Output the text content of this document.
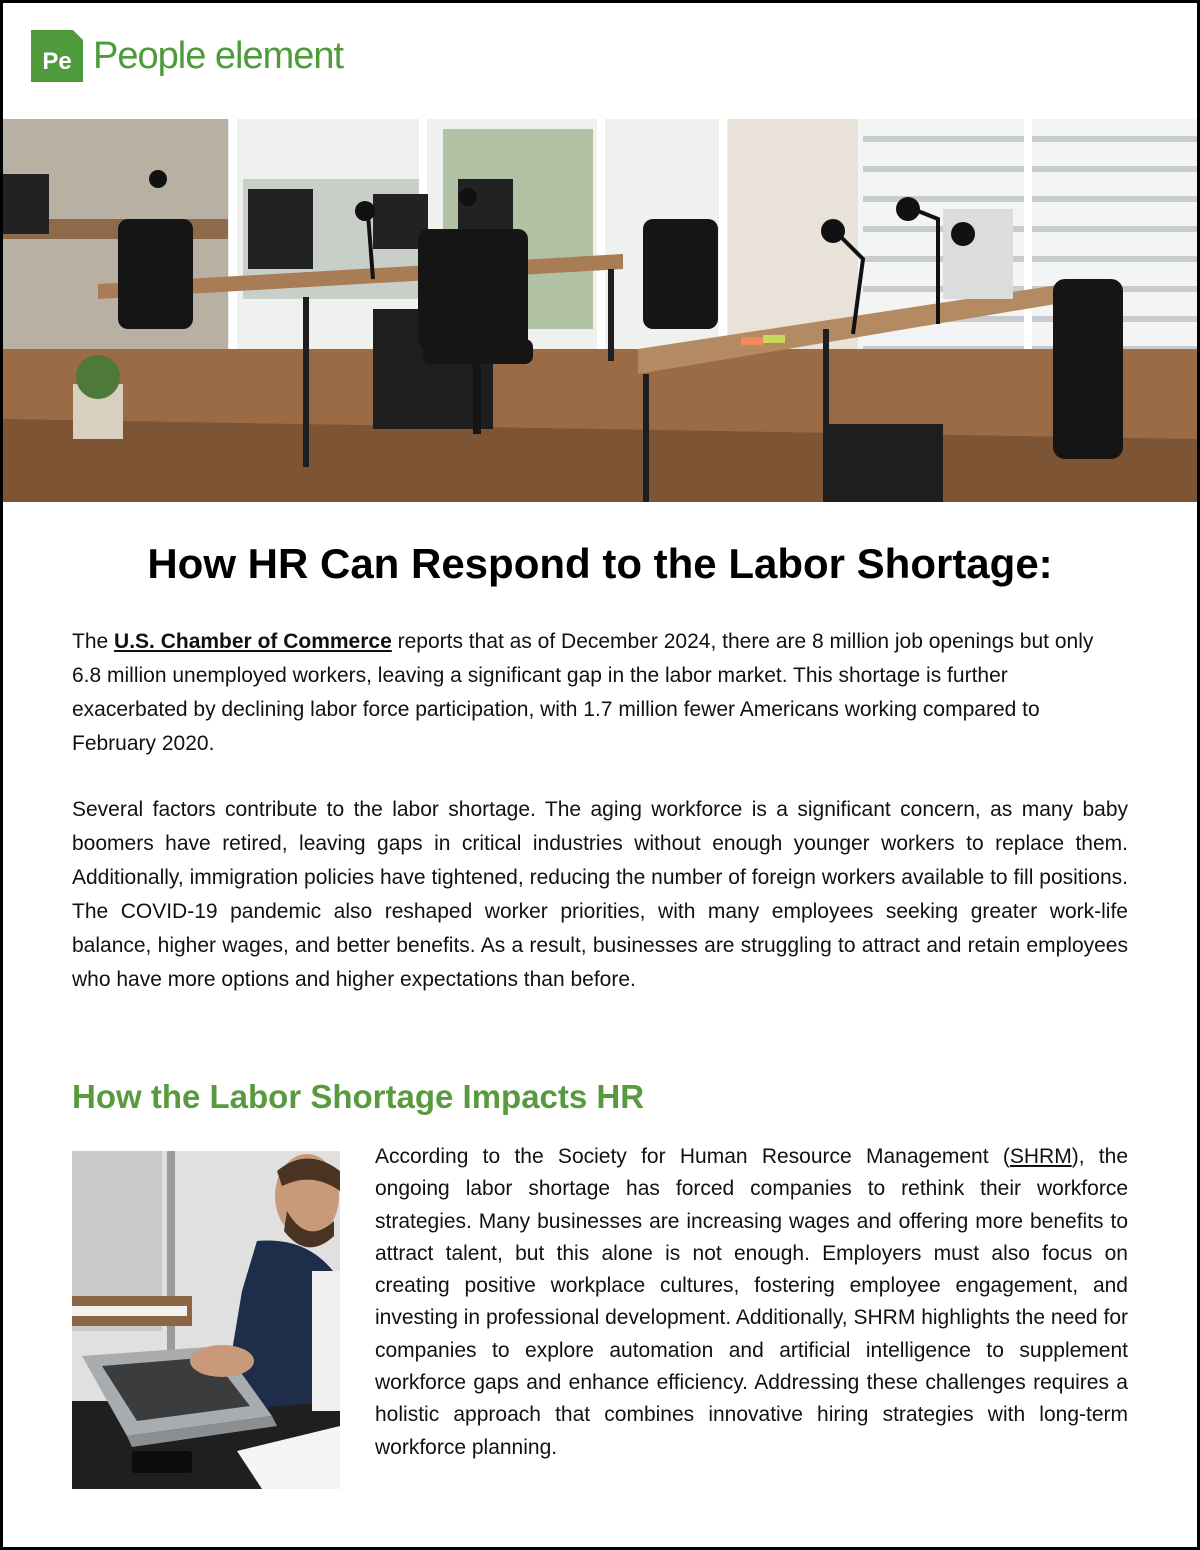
Pe People element
How HR Can Respond to the Labor Shortage:

The U.S. Chamber of Commerce reports that as of December 2024, there are 8 million job openings but only 6.8 million unemployed workers, leaving a significant gap in the labor market. This shortage is further exacerbated by declining labor force participation, with 1.7 million fewer Americans working compared to February 2020.

Several factors contribute to the labor shortage. The aging workforce is a significant concern, as many baby boomers have retired, leaving gaps in critical industries without enough younger workers to replace them. Additionally, immigration policies have tightened, reducing the number of foreign workers available to fill positions. The COVID-19 pandemic also reshaped worker priorities, with many employees seeking greater work-life balance, higher wages, and better benefits. As a result, businesses are struggling to attract and retain employees who have more options and higher expectations than before.

How the Labor Shortage Impacts HR

According to the Society for Human Resource Management (SHRM), the ongoing labor shortage has forced companies to rethink their workforce strategies. Many businesses are increasing wages and offering more benefits to attract talent, but this alone is not enough. Employers must also focus on creating positive workplace cultures, fostering employee engagement, and investing in professional development. Additionally, SHRM highlights the need for companies to explore automation and artificial intelligence to supplement workforce gaps and enhance efficiency. Addressing these challenges requires a holistic approach that combines innovative hiring strategies with long-term workforce planning.
